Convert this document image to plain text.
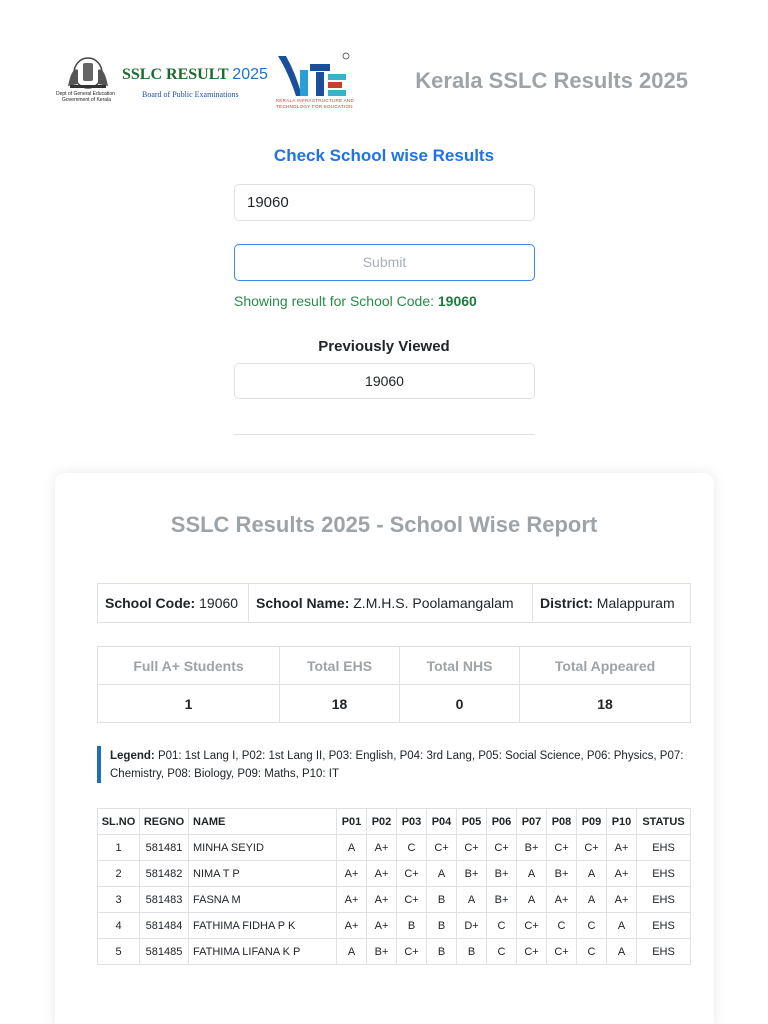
Dept of General Education
Government of Kerala
SSLC RESULT 2025
Board of Public Examinations
KERALA INFRASTRUCTURE AND
TECHNOLOGY FOR EDUCATION
Kerala SSLC Results 2025
Check School wise Results
19060
Submit
Showing result for School Code: 19060
Previously Viewed
19060
SSLC Results 2025 - School Wise Report
School Code: 19060	School Name: Z.M.H.S. Poolamangalam	District: Malappuram
Full A+ Students	Total EHS	Total NHS	Total Appeared
1	18	0	18
Legend: P01: 1st Lang I, P02: 1st Lang II, P03: English, P04: 3rd Lang, P05: Social Science, P06: Physics, P07: Chemistry, P08: Biology, P09: Maths, P10: IT
SL.NO	REGNO	NAME	P01	P02	P03	P04	P05	P06	P07	P08	P09	P10	STATUS
1	581481	MINHA SEYID	A	A+	C	C+	C+	C+	B+	C+	C+	A+	EHS
2	581482	NIMA T P	A+	A+	C+	A	B+	B+	A	B+	A	A+	EHS
3	581483	FASNA M	A+	A+	C+	B	A	B+	A	A+	A	A+	EHS
4	581484	FATHIMA FIDHA P K	A+	A+	B	B	D+	C	C+	C	C	A	EHS
5	581485	FATHIMA LIFANA K P	A	B+	C+	B	B	C	C+	C+	C	A	EHS
